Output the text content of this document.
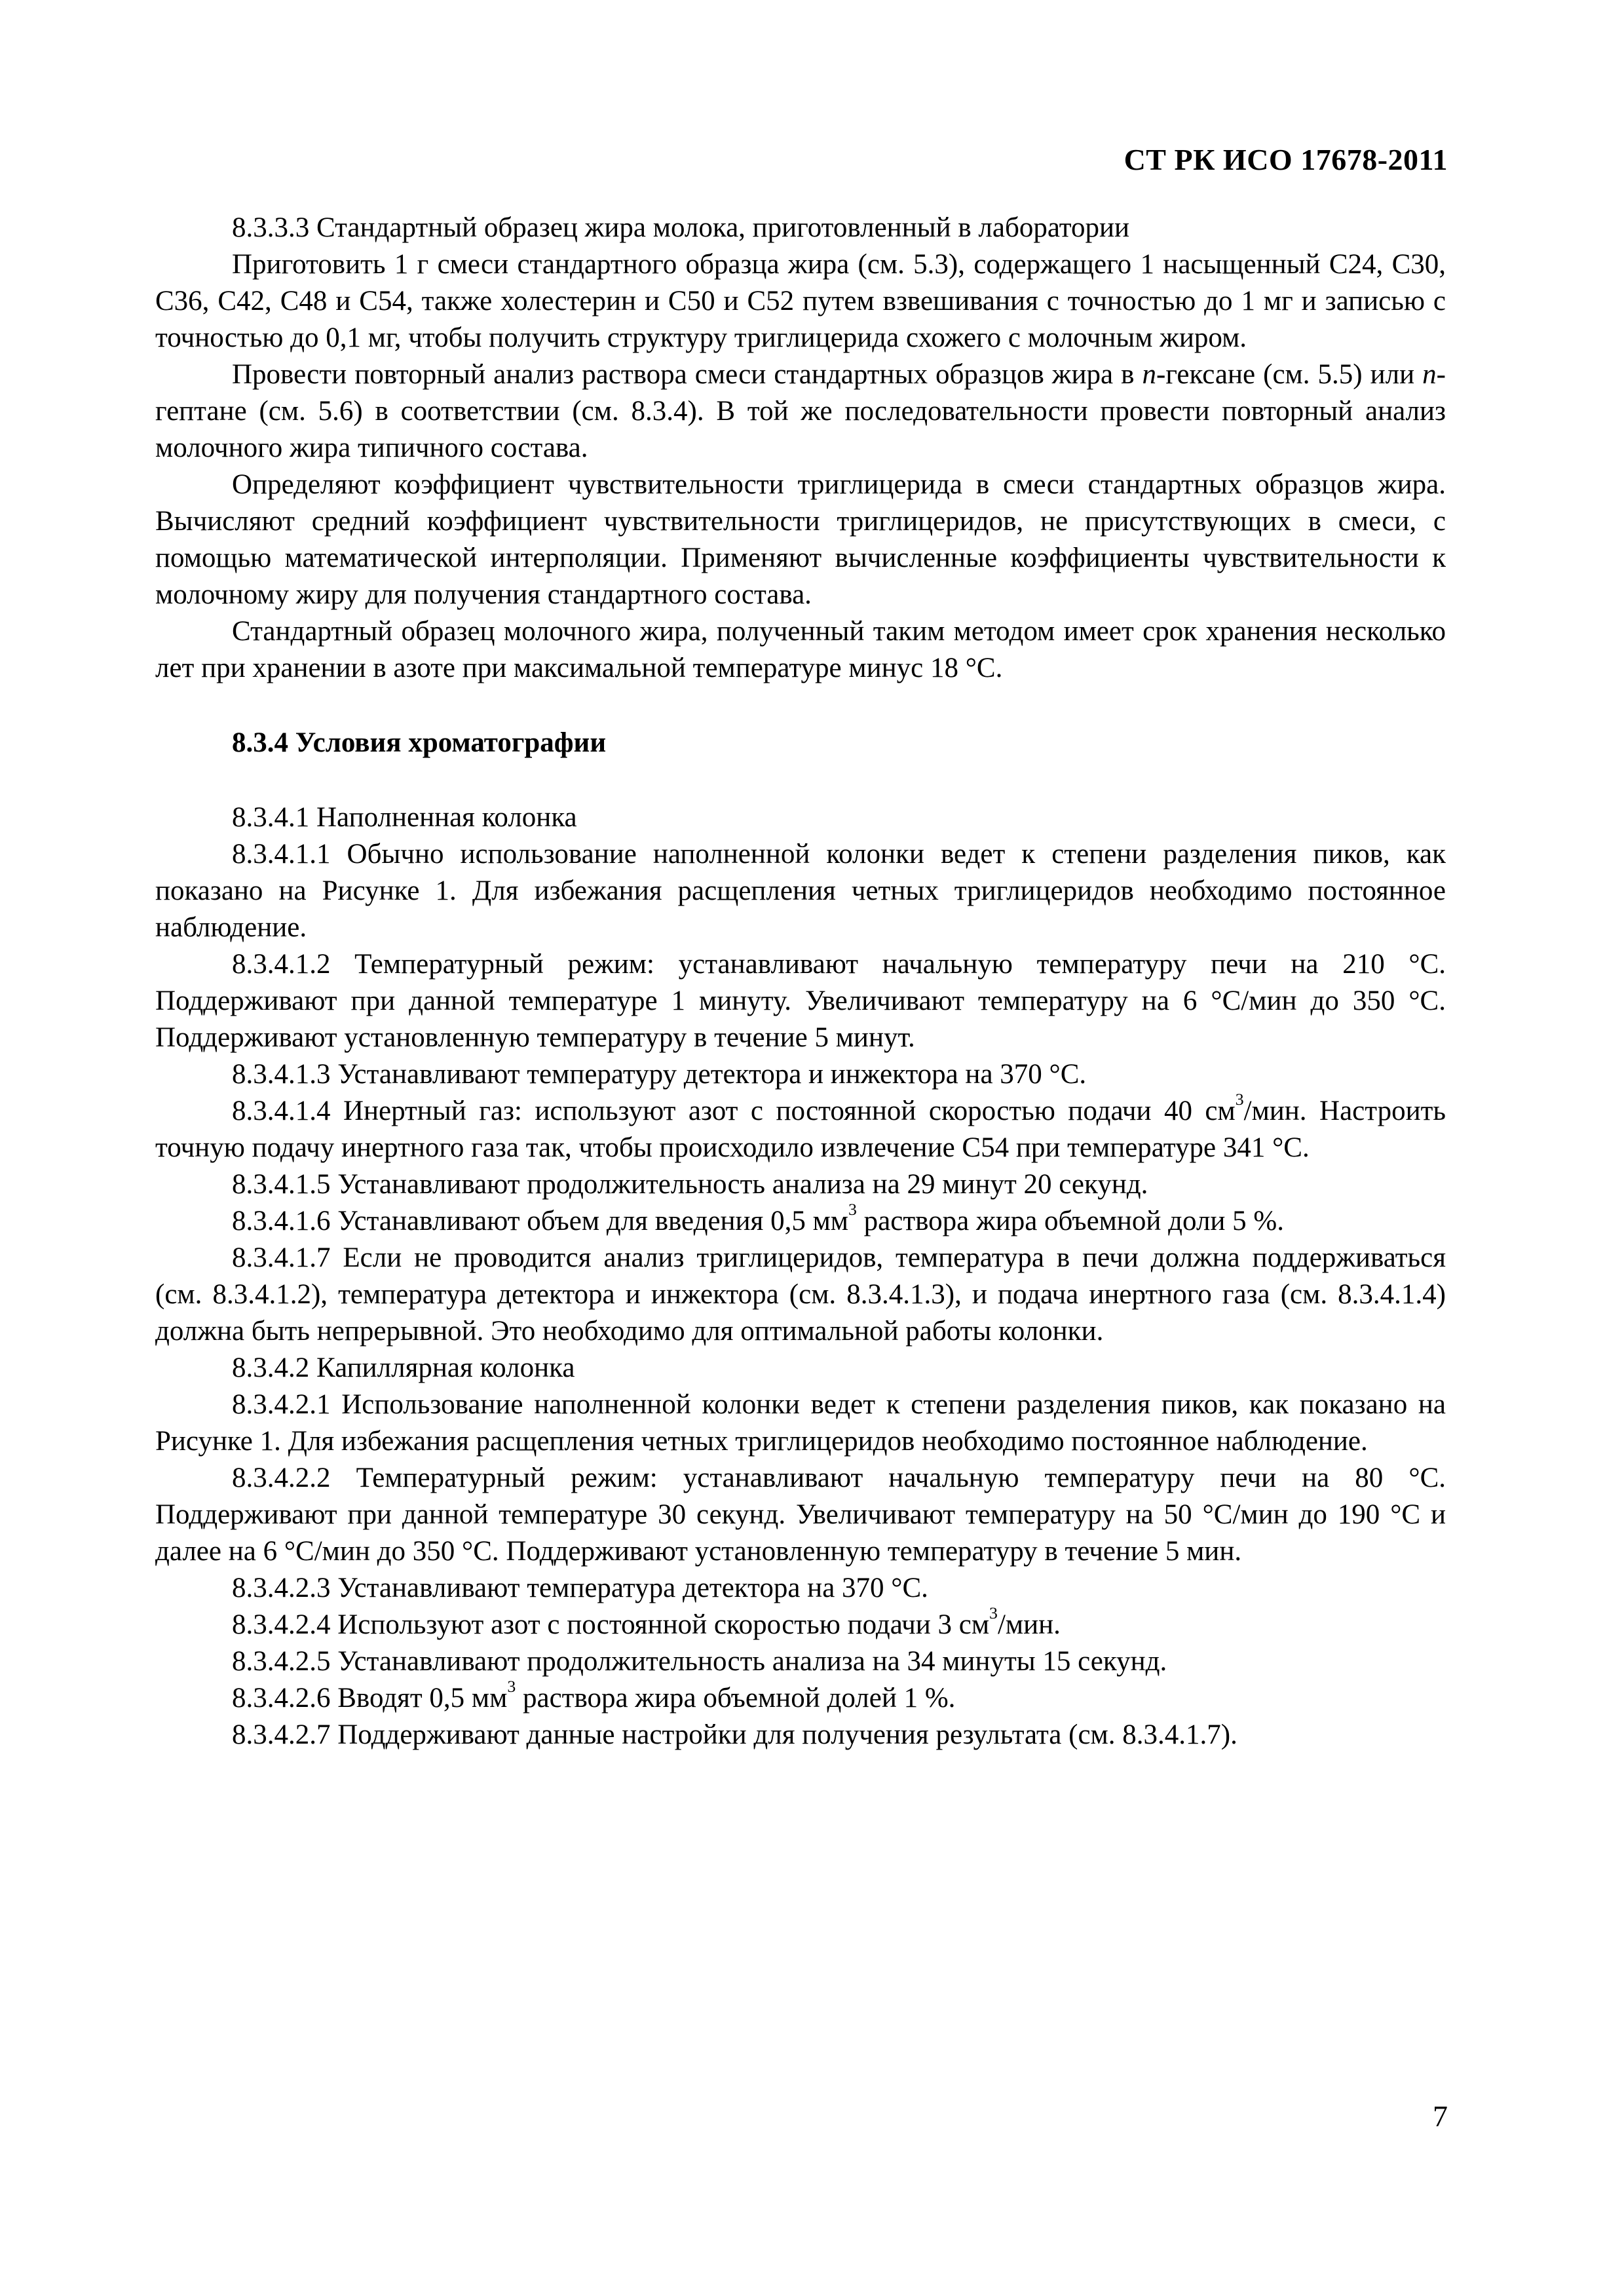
СТ РК ИСО 17678-2011

8.3.3.3 Стандартный образец жира молока, приготовленный в лаборатории

Приготовить 1 г смеси стандартного образца жира (см. 5.3), содержащего 1 насыщенный С24, С30, С36, С42, С48 и С54, также холестерин и С50 и С52 путем взвешивания с точностью до 1 мг и записью с точностью до 0,1 мг, чтобы получить структуру триглицерида схожего с молочным жиром.

Провести повторный анализ раствора смеси стандартных образцов жира в n-гексане (см. 5.5) или n-гептане (см. 5.6) в соответствии (см. 8.3.4). В той же последовательности провести повторный анализ молочного жира типичного состава.

Определяют коэффициент чувствительности триглицерида в смеси стандартных образцов жира. Вычисляют средний коэффициент чувствительности триглицеридов, не присутствующих в смеси, с помощью математической интерполяции. Применяют вычисленные коэффициенты чувствительности к молочному жиру для получения стандартного состава.

Стандартный образец молочного жира, полученный таким методом имеет срок хранения несколько лет при хранении в азоте при максимальной температуре минус 18 °С.

8.3.4 Условия хроматографии

8.3.4.1 Наполненная колонка

8.3.4.1.1 Обычно использование наполненной колонки ведет к степени разделения пиков, как показано на Рисунке 1. Для избежания расщепления четных триглицеридов необходимо постоянное наблюдение.

8.3.4.1.2 Температурный режим: устанавливают начальную температуру печи на 210 °С. Поддерживают при данной температуре 1 минуту. Увеличивают температуру на 6 °С/мин до 350 °С. Поддерживают установленную температуру в течение 5 минут.

8.3.4.1.3 Устанавливают температуру детектора и инжектора на 370 °С.

8.3.4.1.4 Инертный газ: используют азот с постоянной скоростью подачи 40 $см^3$/мин. Настроить точную подачу инертного газа так, чтобы происходило извлечение С54 при температуре 341 °С.

8.3.4.1.5 Устанавливают продолжительность анализа на 29 минут 20 секунд.

8.3.4.1.6 Устанавливают объем для введения 0,5 $мм^3$ раствора жира объемной доли 5 %.

8.3.4.1.7 Если не проводится анализ триглицеридов, температура в печи должна поддерживаться (см. 8.3.4.1.2), температура детектора и инжектора (см. 8.3.4.1.3), и подача инертного газа (см. 8.3.4.1.4) должна быть непрерывной. Это необходимо для оптимальной работы колонки.

8.3.4.2 Капиллярная колонка

8.3.4.2.1 Использование наполненной колонки ведет к степени разделения пиков, как показано на Рисунке 1. Для избежания расщепления четных триглицеридов необходимо постоянное наблюдение.

8.3.4.2.2 Температурный режим: устанавливают начальную температуру печи на 80 °С. Поддерживают при данной температуре 30 секунд. Увеличивают температуру на 50 °С/мин до 190 °С и далее на 6 °С/мин до 350 °С. Поддерживают установленную температуру в течение 5 мин.

8.3.4.2.3 Устанавливают температура детектора на 370 °С.

8.3.4.2.4 Используют азот с постоянной скоростью подачи 3 $см^3$/мин.

8.3.4.2.5 Устанавливают продолжительность анализа на 34 минуты 15 секунд.

8.3.4.2.6 Вводят 0,5 $мм^3$ раствора жира объемной долей 1 %.

8.3.4.2.7 Поддерживают данные настройки для получения результата (см. 8.3.4.1.7).

7
